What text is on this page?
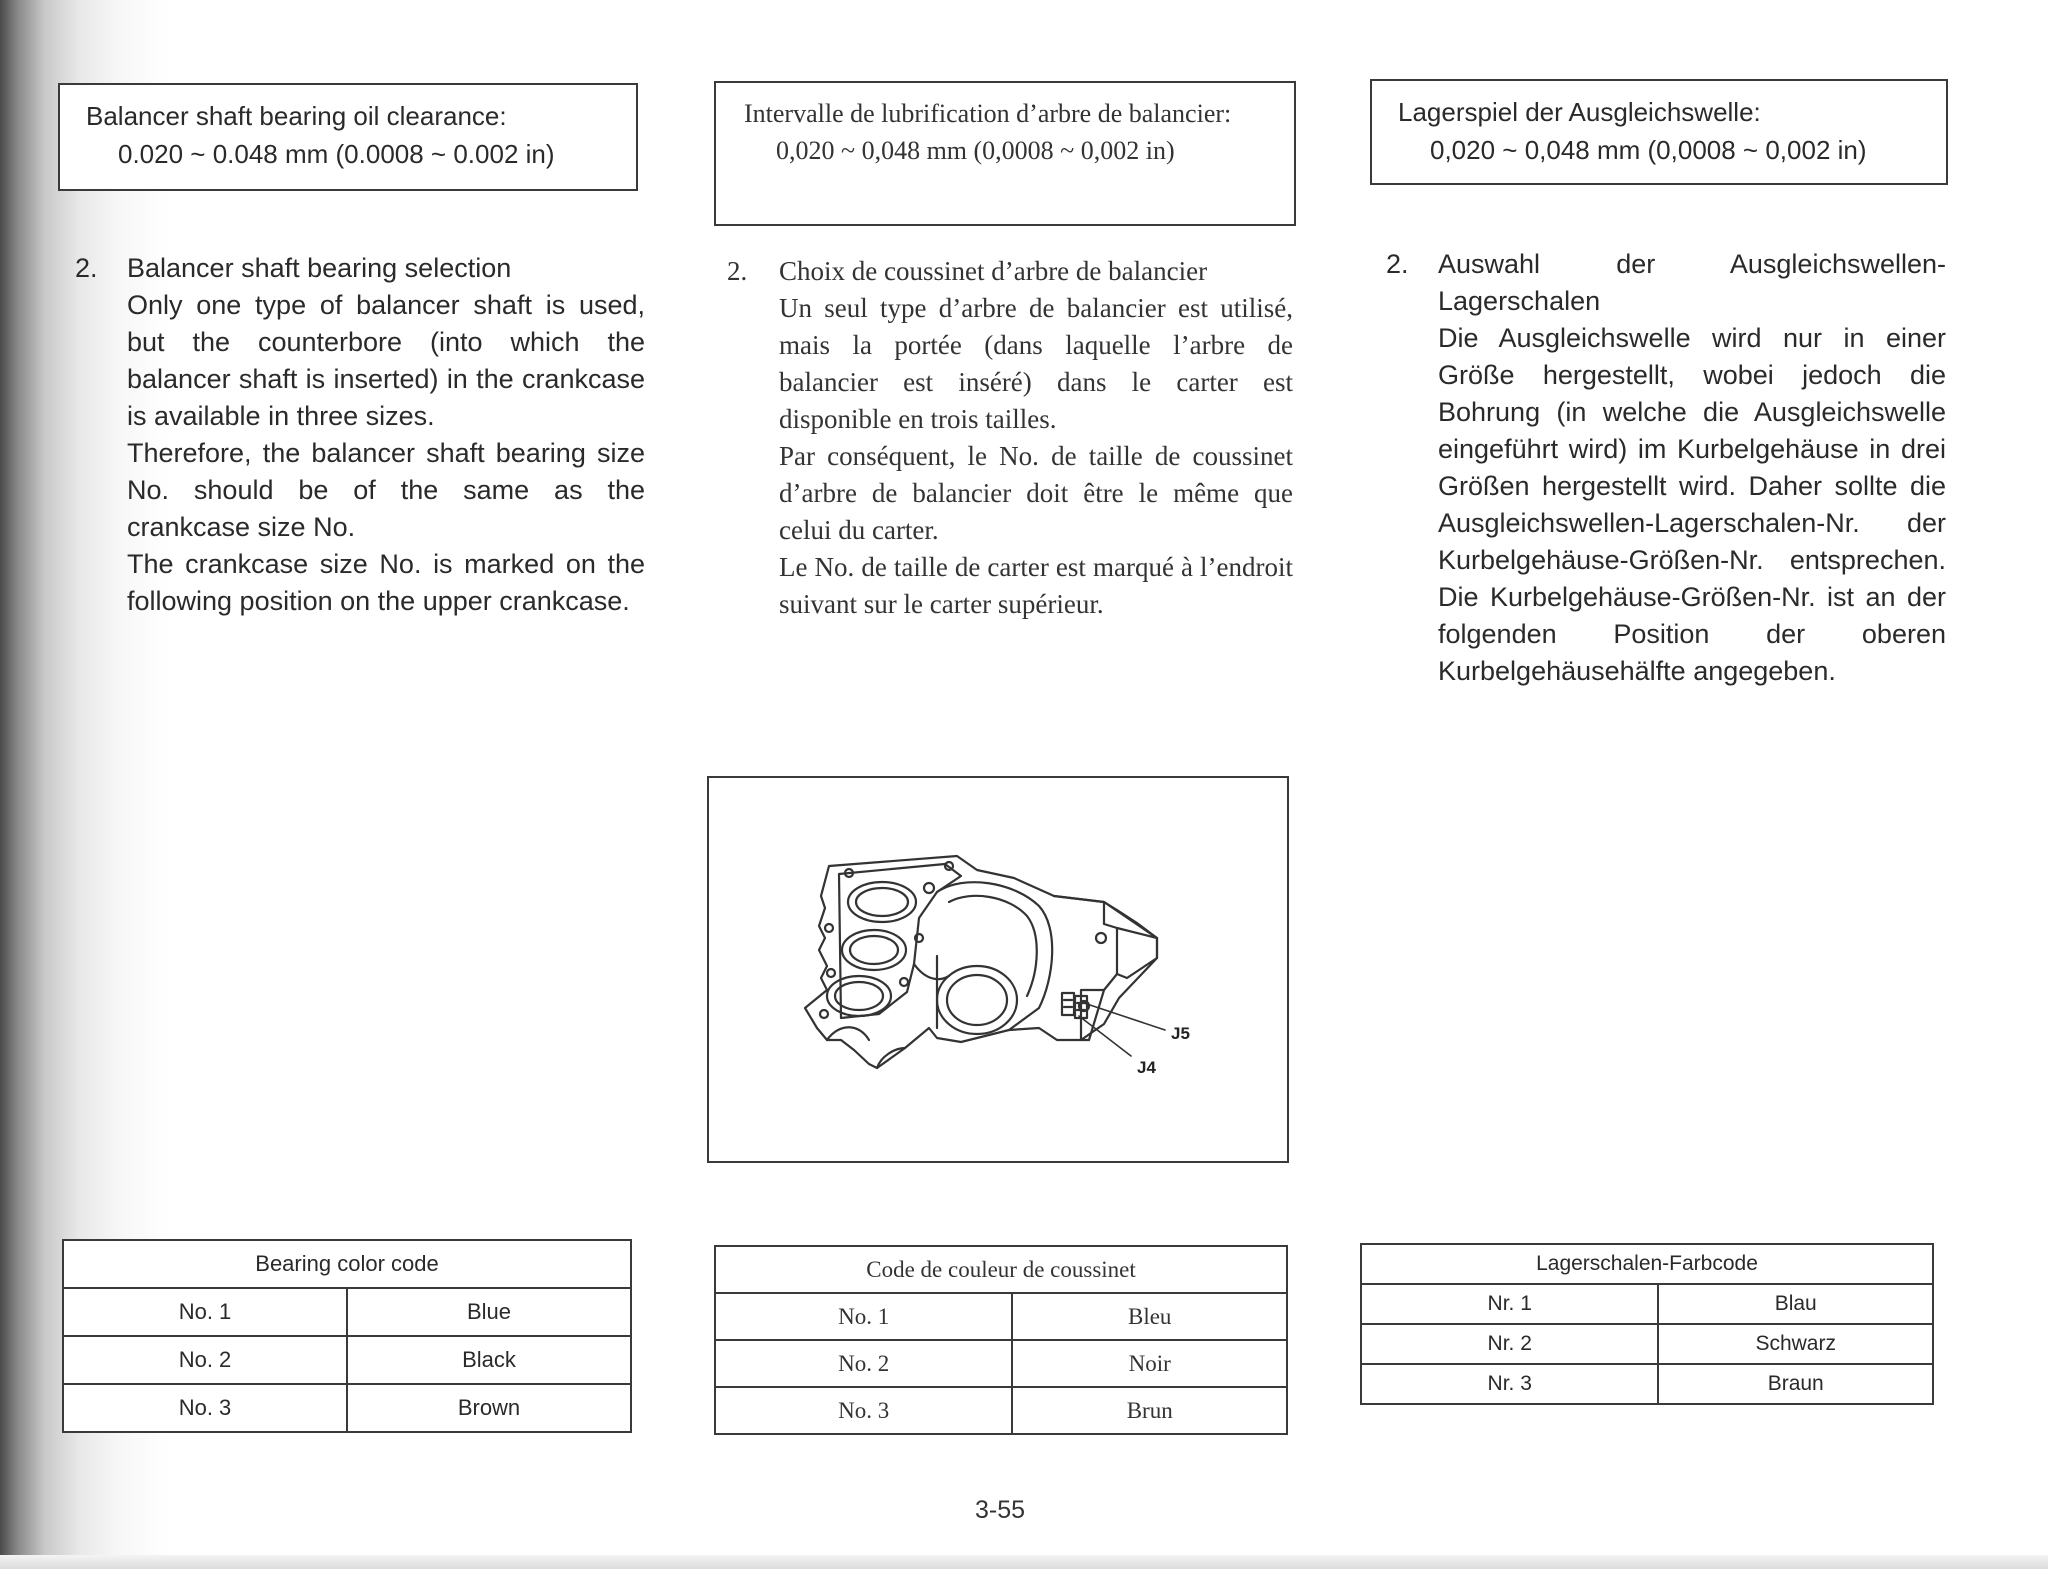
Balancer shaft bearing oil clearance:
0.020 ~ 0.048 mm (0.0008 ~ 0.002 in)
2. Balancer shaft bearing selection

Only one type of balancer shaft is used, but the counterbore (into which the balancer shaft is inserted) in the crankcase is available in three sizes.

Therefore, the balancer shaft bearing size No. should be of the same as the crankcase size No.

The crankcase size No. is marked on the following position on the upper crankcase.

Intervalle de lubrification d’arbre de balancier:
0,020 ~ 0,048 mm (0,0008 ~ 0,002 in)
2. Choix de coussinet d’arbre de balancier

Un seul type d’arbre de balancier est utilisé, mais la portée (dans laquelle l’arbre de balancier est inséré) dans le carter est disponible en trois tailles.

Par conséquent, le No. de taille de coussinet d’arbre de balancier doit être le même que celui du carter.

Le No. de taille de carter est marqué à l’endroit suivant sur le carter supérieur.

Lagerspiel der Ausgleichswelle:
0,020 ~ 0,048 mm (0,0008 ~ 0,002 in)
2. Auswahl der Ausgleichswellen-Lagerschalen

Die Ausgleichswelle wird nur in einer Größe hergestellt, wobei jedoch die Bohrung (in welche die Ausgleichswelle eingeführt wird) im Kurbelgehäuse in drei Größen hergestellt wird. Daher sollte die Ausgleichswellen-Lagerschalen-Nr. der Kurbelgehäuse-Größen-Nr. entsprechen. Die Kurbelgehäuse-Größen-Nr. ist an der folgenden Position der oberen Kurbelgehäusehälfte angegeben.

J5
J4
Bearing color code	
No. 1	Blue
No. 2	Black
No. 3	Brown
Code de couleur de coussinet	
No. 1	Bleu
No. 2	Noir
No. 3	Brun
Lagerschalen-Farbcode	
Nr. 1	Blau
Nr. 2	Schwarz
Nr. 3	Braun
3-55
